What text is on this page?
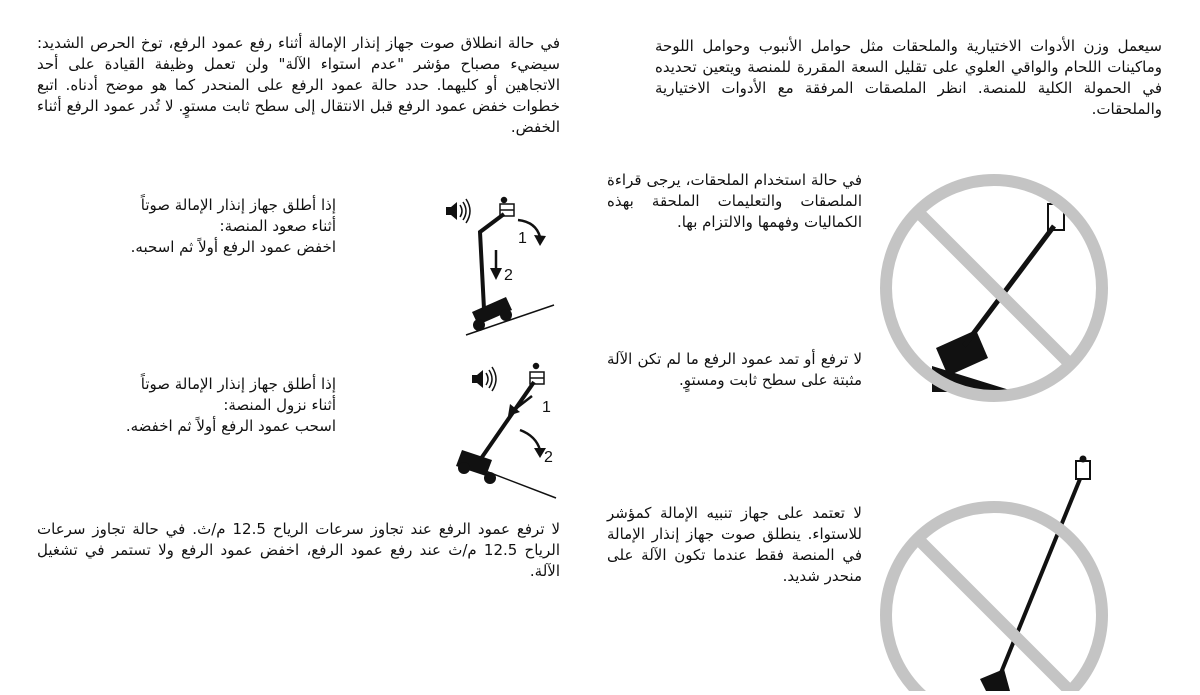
في حالة انطلاق صوت جهاز إنذار الإمالة أثناء رفع عمود الرفع، توخ الحرص الشديد: سيضيء مصباح مؤشر "عدم استواء الآلة" ولن تعمل وظيفة القيادة على أحد الاتجاهين أو كليهما. حدد حالة عمود الرفع على المنحدر كما هو موضح أدناه. اتبع خطوات خفض عمود الرفع قبل الانتقال إلى سطح ثابت مستوٍ. لا تُدر عمود الرفع أثناء الخفض.

1
2

إذا أطلق جهاز إنذار الإمالة صوتاً
أثناء صعود المنصة:
اخفض عمود الرفع أولاً ثم اسحبه.

1
2

إذا أطلق جهاز إنذار الإمالة صوتاً
أثناء نزول المنصة:
اسحب عمود الرفع أولاً ثم اخفضه.

لا ترفع عمود الرفع عند تجاوز سرعات الرياح 12.5 م/ث. في حالة تجاوز سرعات الرياح 12.5 م/ث عند رفع عمود الرفع، اخفض عمود الرفع ولا تستمر في تشغيل الآلة.

سيعمل وزن الأدوات الاختيارية والملحقات مثل حوامل الأنبوب وحوامل اللوحة وماكينات اللحام والواقي العلوي على تقليل السعة المقررة للمنصة ويتعين تحديده في الحمولة الكلية للمنصة. انظر الملصقات المرفقة مع الأدوات الاختيارية والملحقات.

في حالة استخدام الملحقات، يرجى قراءة الملصقات والتعليمات الملحقة بهذه الكماليات وفهمها والالتزام بها.

لا ترفع أو تمد عمود الرفع ما لم تكن الآلة مثبتة على سطح ثابت ومستوٍ.

لا تعتمد على جهاز تنبيه الإمالة كمؤشر للاستواء. ينطلق صوت جهاز إنذار الإمالة في المنصة فقط عندما تكون الآلة على منحدر شديد.
